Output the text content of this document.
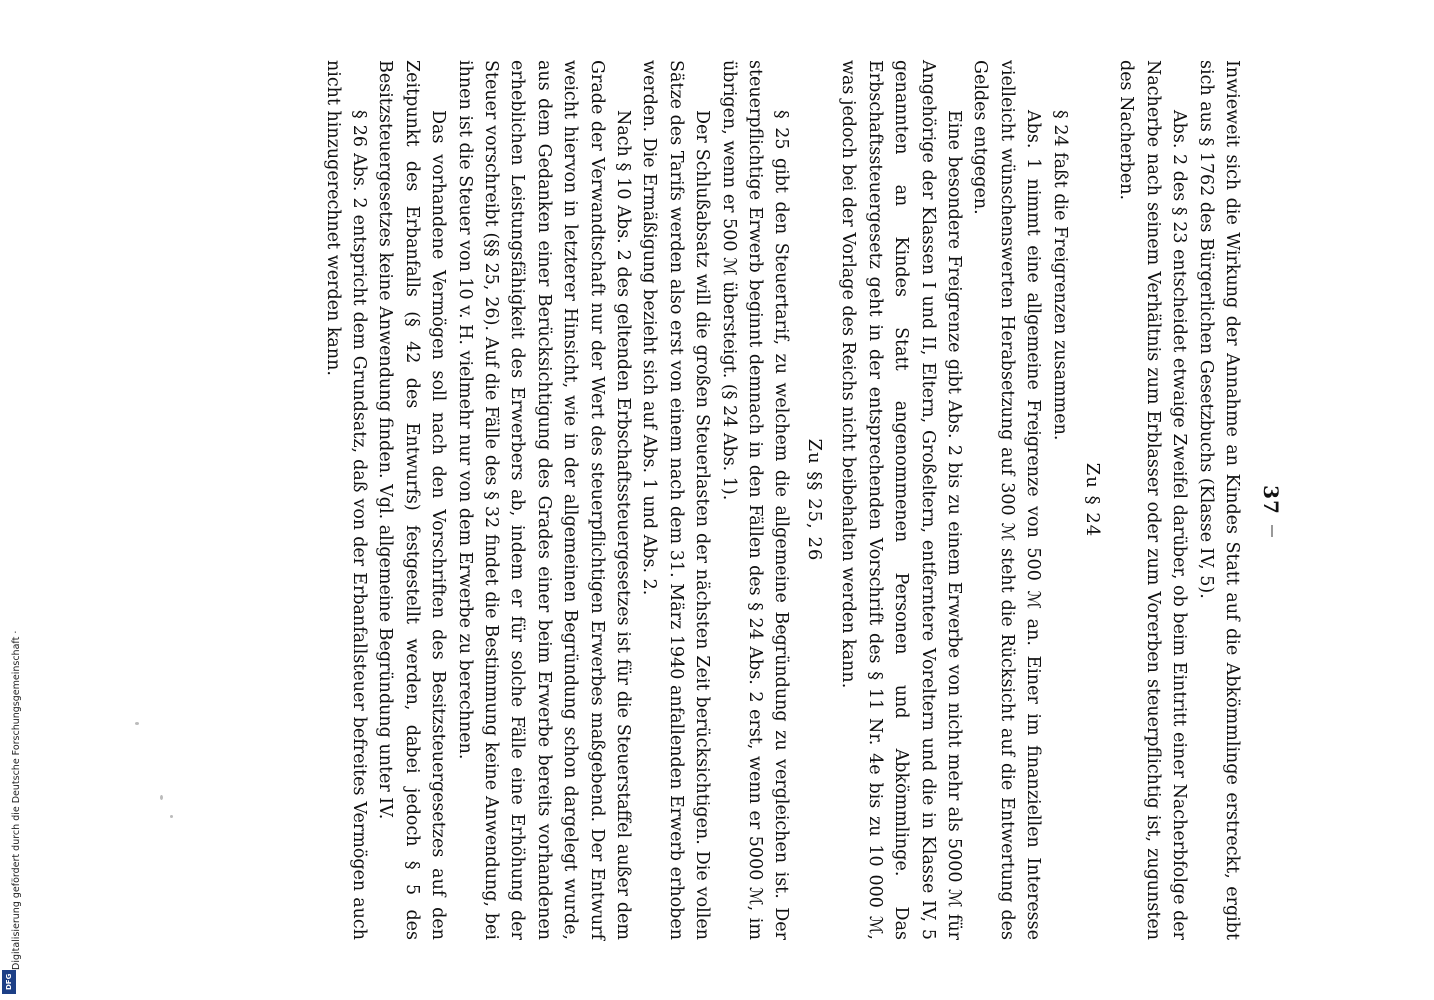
37

Inwieweit sich die Wirkung der Annahme an Kindes Statt auf die Abkömmlinge erstreckt, ergibt sich aus § 1762 des Bürgerlichen Gesetzbuchs (Klasse IV, 5).

Abs. 2 des § 23 entscheidet etwaige Zweifel darüber, ob beim Eintritt einer Nacherbfolge der Nacherbe nach seinem Verhältnis zum Erblasser oder zum Vorerben steuerpflichtig ist, zugunsten des Nacherben.

Zu § 24

§ 24 faßt die Freigrenzen zusammen.

Abs. 1 nimmt eine allgemeine Freigrenze von 500 ℳ an. Einer im finanziellen Interesse vielleicht wünschenswerten Herabsetzung auf 300 ℳ steht die Rücksicht auf die Entwertung des Geldes entgegen.

Eine besondere Freigrenze gibt Abs. 2 bis zu einem Erwerbe von nicht mehr als 5000 ℳ für Angehörige der Klassen I und II, Eltern, Großeltern, entferntere Voreltern und die in Klasse IV, 5 genannten an Kindes Statt angenommenen Personen und Abkömmlinge. Das Erbschaftssteuergesetz geht in der entsprechenden Vorschrift des § 11 Nr. 4e bis zu 10 000 ℳ, was jedoch bei der Vorlage des Reichs nicht beibehalten werden kann.

Zu §§ 25, 26

§ 25 gibt den Steuertarif, zu welchem die allgemeine Begründung zu vergleichen ist. Der steuerpflichtige Erwerb beginnt demnach in den Fällen des § 24 Abs. 2 erst, wenn er 5000 ℳ, im übrigen, wenn er 500 ℳ übersteigt. (§ 24 Abs. 1).

Der Schlußabsatz will die großen Steuerlasten der nächsten Zeit berücksichtigen. Die vollen Sätze des Tarifs werden also erst von einem nach dem 31. März 1940 anfallenden Erwerb erhoben werden. Die Ermäßigung bezieht sich auf Abs. 1 und Abs. 2.

Nach § 10 Abs. 2 des geltenden Erbschaftssteuergesetzes ist für die Steuerstaffel außer dem Grade der Verwandtschaft nur der Wert des steuerpflichtigen Erwerbes maßgebend. Der Entwurf weicht hiervon in letzterer Hinsicht, wie in der allgemeinen Begründung schon dargelegt wurde, aus dem Gedanken einer Berücksichtigung des Grades einer beim Erwerbe bereits vorhandenen erheblichen Leistungsfähigkeit des Erwerbers ab, indem er für solche Fälle eine Erhöhung der Steuer vorschreibt (§§ 25, 26). Auf die Fälle des § 32 findet die Bestimmung keine Anwendung, bei ihnen ist die Steuer von 10 v. H. vielmehr nur von dem Erwerbe zu berechnen.

Das vorhandene Vermögen soll nach den Vorschriften des Besitzsteuergesetzes auf den Zeitpunkt des Erbanfalls (§ 42 des Entwurfs) festgestellt werden, dabei jedoch § 5 des Besitzsteuergesetzes keine Anwendung finden. Vgl. allgemeine Begründung unter IV.

§ 26 Abs. 2 entspricht dem Grundsatz, daß von der Erbanfallsteuer befreites Vermögen auch nicht hinzugerechnet werden kann.

Digitalisierung gefördert durch die Deutsche Forschungsgemeinschaft ·
DFG
